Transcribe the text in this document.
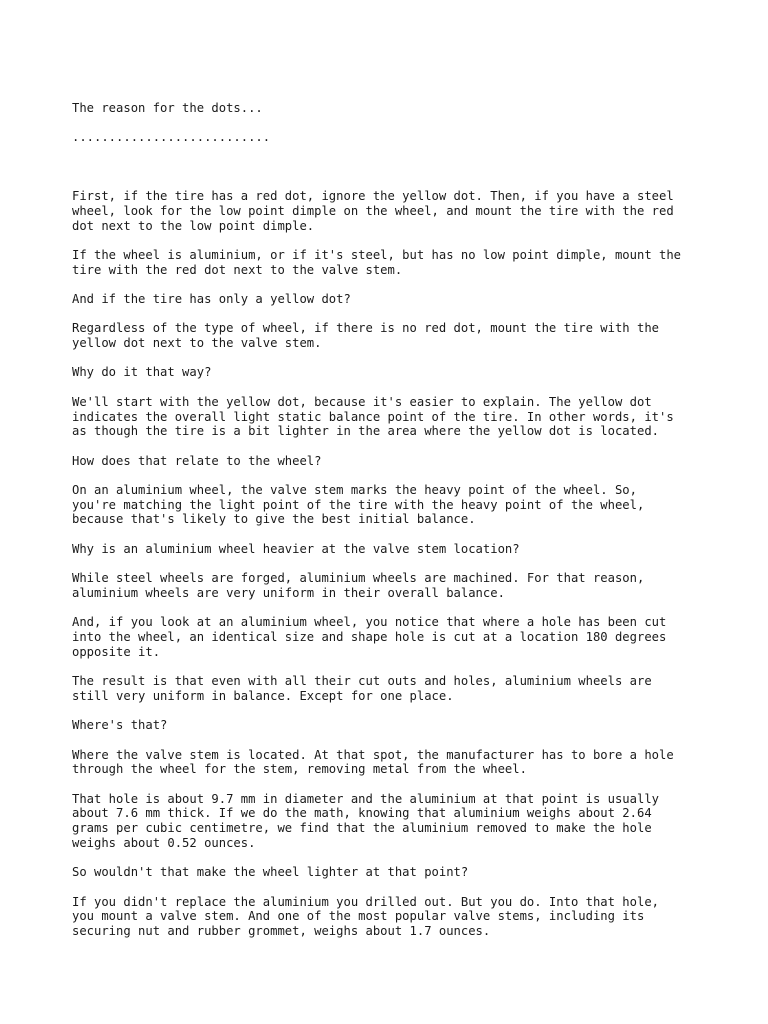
The reason for the dots...

...........................

First, if the tire has a red dot, ignore the yellow dot. Then, if you have a steel
wheel, look for the low point dimple on the wheel, and mount the tire with the red
dot next to the low point dimple.

If the wheel is aluminium, or if it's steel, but has no low point dimple, mount the
tire with the red dot next to the valve stem.

And if the tire has only a yellow dot?

Regardless of the type of wheel, if there is no red dot, mount the tire with the
yellow dot next to the valve stem.

Why do it that way?

We'll start with the yellow dot, because it's easier to explain. The yellow dot
indicates the overall light static balance point of the tire. In other words, it's
as though the tire is a bit lighter in the area where the yellow dot is located.

How does that relate to the wheel?

On an aluminium wheel, the valve stem marks the heavy point of the wheel. So,
you're matching the light point of the tire with the heavy point of the wheel,
because that's likely to give the best initial balance.

Why is an aluminium wheel heavier at the valve stem location?

While steel wheels are forged, aluminium wheels are machined. For that reason,
aluminium wheels are very uniform in their overall balance.

And, if you look at an aluminium wheel, you notice that where a hole has been cut
into the wheel, an identical size and shape hole is cut at a location 180 degrees
opposite it.

The result is that even with all their cut outs and holes, aluminium wheels are
still very uniform in balance. Except for one place.

Where's that?

Where the valve stem is located. At that spot, the manufacturer has to bore a hole
through the wheel for the stem, removing metal from the wheel.

That hole is about 9.7 mm in diameter and the aluminium at that point is usually
about 7.6 mm thick. If we do the math, knowing that aluminium weighs about 2.64
grams per cubic centimetre, we find that the aluminium removed to make the hole
weighs about 0.52 ounces.

So wouldn't that make the wheel lighter at that point?

If you didn't replace the aluminium you drilled out. But you do. Into that hole,
you mount a valve stem. And one of the most popular valve stems, including its
securing nut and rubber grommet, weighs about 1.7 ounces.
